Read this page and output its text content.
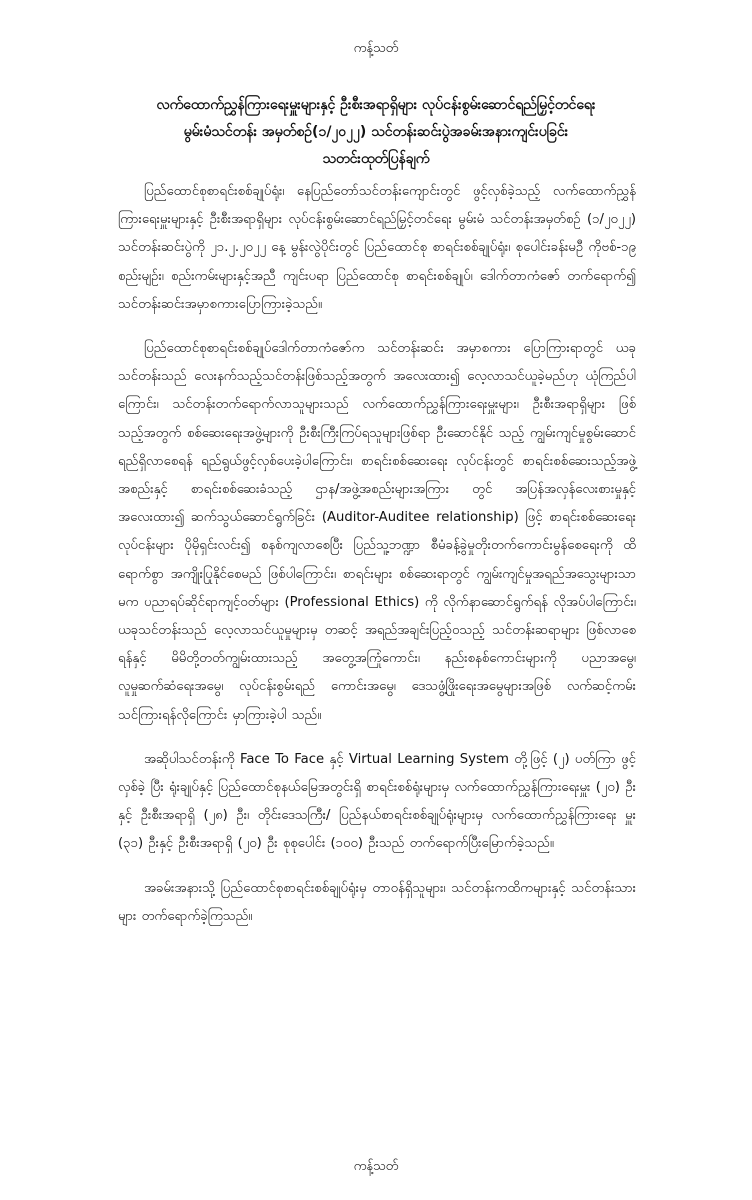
ကန့်သတ်
လက်ထောက်ညွှန်ကြားရေးမှူးများနှင့် ဦးစီးအရာရှိများ လုပ်ငန်းစွမ်းဆောင်ရည်မြှင့်တင်ရေး
မွမ်းမံသင်တန်း အမှတ်စဉ်(၁/၂၀၂၂) သင်တန်းဆင်းပွဲအခမ်းအနားကျင်းပခြင်း
သတင်းထုတ်ပြန်ချက်

ပြည်ထောင်စုစာရင်းစစ်ချုပ်ရုံး၊ နေပြည်တော်သင်တန်းကျောင်းတွင် ဖွင့်လှစ်ခဲ့သည့် လက်ထောက်ညွှန်ကြားရေးမှူးများနှင့် ဦးစီးအရာရှိများ လုပ်ငန်းစွမ်းဆောင်ရည်မြှင့်တင်ရေး မွမ်းမံ သင်တန်းအမှတ်စဉ် (၁/၂၀၂၂) သင်တန်းဆင်းပွဲကို ၂၁.၂.၂၀၂၂ နေ့ မွန်းလွဲပိုင်းတွင် ပြည်ထောင်စု စာရင်းစစ်ချုပ်ရုံး၊ စုပေါင်းခန်းမဦ ကိုဗစ်-၁၉ စည်းမျဉ်း၊ စည်းကမ်းများနှင့်အညီ ကျင်းပရာ ပြည်ထောင်စု စာရင်းစစ်ချုပ်၊ ဒေါက်တာကံဇော် တက်ရောက်၍ သင်တန်းဆင်းအမှာစကားပြောကြားခဲ့သည်။

ပြည်ထောင်စုစာရင်းစစ်ချုပ်ဒေါက်တာကံဇော်က သင်တန်းဆင်း အမှာစကား ပြောကြားရာတွင် ယခုသင်တန်းသည် လေးနက်သည့်သင်တန်းဖြစ်သည့်အတွက် အလေးထား၍ လေ့လာသင်ယူခဲ့မည်ဟု ယုံကြည်ပါကြောင်း၊ သင်တန်းတက်ရောက်လာသူများသည် လက်ထောက်ညွှန်ကြားရေးမှူးများ၊ ဦးစီးအရာရှိများ ဖြစ်သည့်အတွက် စစ်ဆေးရေးအဖွဲ့များကို ဦးစီးကြီးကြပ်ရသူများဖြစ်ရာ ဦးဆောင်နိုင် သည့် ကျွမ်းကျင်မှုစွမ်းဆောင်ရည်ရှိလာစေရန် ရည်ရွယ်ဖွင့်လှစ်ပေးခဲ့ပါကြောင်း၊ စာရင်းစစ်ဆေးရေး လုပ်ငန်းတွင် စာရင်းစစ်ဆေးသည့်အဖွဲ့အစည်းနှင့် စာရင်းစစ်ဆေးခံသည့် ဌာန/အဖွဲ့အစည်းများအကြား တွင် အပြန်အလှန်လေးစားမှုနှင့် အလေးထား၍ ဆက်သွယ်ဆောင်ရွက်ခြင်း (Auditor-Auditee relationship) ဖြင့် စာရင်းစစ်ဆေးရေးလုပ်ငန်းများ ပိုမိုရှင်းလင်း၍ စနစ်ကျလာစေပြီး ပြည်သူ့ဘဏ္ဍာ စီမံခန့်ခွဲမှုတိုးတက်ကောင်းမွန်စေရေးကို ထိရောက်စွာ အကျိုးပြုနိုင်စေမည် ဖြစ်ပါကြောင်း၊ စာရင်းများ စစ်ဆေးရာတွင် ကျွမ်းကျင်မှုအရည်အသွေးများသာမက ပညာရပ်ဆိုင်ရာကျင့်ဝတ်များ (Professional Ethics) ကို လိုက်နာဆောင်ရွက်ရန် လိုအပ်ပါကြောင်း၊ ယခုသင်တန်းသည် လေ့လာသင်ယူမှုများမှ တဆင့် အရည်အချင်းပြည့်ဝသည့် သင်တန်းဆရာများ ဖြစ်လာစေရန်နှင့် မိမိတို့တတ်ကျွမ်းထားသည့် အတွေ့အကြုံကောင်း၊ နည်းစနစ်ကောင်းများကို ပညာအမွေ၊ လူမှုဆက်ဆံရေးအမွေ၊ လုပ်ငန်းစွမ်းရည် ကောင်းအမွေ၊ ဒေသဖွံ့ဖြိုးရေးအမွေများအဖြစ် လက်ဆင့်ကမ်းသင်ကြားရန်လိုကြောင်း မှာကြားခဲ့ပါ သည်။

အဆိုပါသင်တန်းကို Face To Face နှင့် Virtual Learning System တို့ဖြင့် (၂) ပတ်ကြာ ဖွင့်လှစ်ခဲ့ ပြီး ရုံးချုပ်နှင့် ပြည်ထောင်စုနယ်မြေအတွင်းရှိ စာရင်းစစ်ရုံးများမှ လက်ထောက်ညွှန်ကြားရေးမှူး (၂၀) ဦး နှင့် ဦးစီးအရာရှိ (၂၈) ဦး၊ တိုင်းဒေသကြီး/ ပြည်နယ်စာရင်းစစ်ချုပ်ရုံးများမှ လက်ထောက်ညွှန်ကြားရေး မှူး (၃၁) ဦးနှင့် ဦးစီးအရာရှိ (၂၀) ဦး စုစုပေါင်း (၁၀၀) ဦးသည် တက်ရောက်ပြီးမြောက်ခဲ့သည်။

အခမ်းအနားသို့ ပြည်ထောင်စုစာရင်းစစ်ချုပ်ရုံးမှ တာဝန်ရှိသူများ၊ သင်တန်းကထိကများနှင့် သင်တန်းသားများ တက်ရောက်ခဲ့ကြသည်။

ကန့်သတ်
